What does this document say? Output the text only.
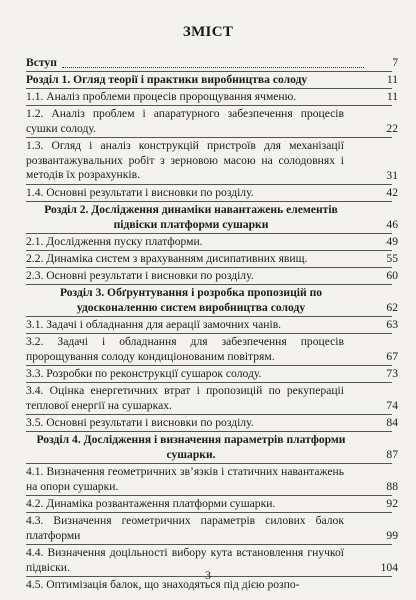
ЗМІСТ
Вступ	7
Розділ 1. Огляд теорії і практики виробництва солоду	11
1.1. Аналіз проблеми процесів пророщування ячменю.	11
1.2. Аналіз проблем і апаратурного забезпечення процесів сушки солоду.	22
1.3. Огляд і аналіз конструкцій пристроїв для механізації розвантажувальних робіт з зерновою масою на солодовнях і методів їх розрахунків.	31
1.4. Основні результати і висновки по розділу.	42
Розділ 2. Дослідження динаміки навантажень елементів підвіски платформи сушарки	46
2.1. Дослідження пуску платформи.	49
2.2. Динаміка систем з врахуванням дисипативних явищ.	55
2.3. Основні результати і висновки по розділу.	60
Розділ 3. Обґрунтування і розробка пропозицій по удосконаленню систем виробництва солоду	62
3.1. Задачі і обладнання для аерації замочних чанів.	63
3.2. Задачі і обладнання для забезпечення процесів пророщування солоду кондиціонованим повітрям.	67
3.3. Розробки по реконструкції сушарок солоду.	73
3.4. Оцінка енергетичних втрат і пропозицій по рекупераціі теплової енергії на сушарках.	74
3.5. Основні результати і висновки по розділу.	84
Розділ 4. Дослідження і визначення параметрів платформи сушарки.	87
4.1. Визначення геометричних зв’язків і статичних навантажень на опори сушарки.	88
4.2. Динаміка розвантаження платформи сушарки.	92
4.3. Визначення геометричних параметрів силових балок платформи	99
4.4. Визначення доцільності вибору кута встановлення гнучкої підвіски.	104
4.5. Оптимізація балок, що знаходяться під дією розпо-
3
